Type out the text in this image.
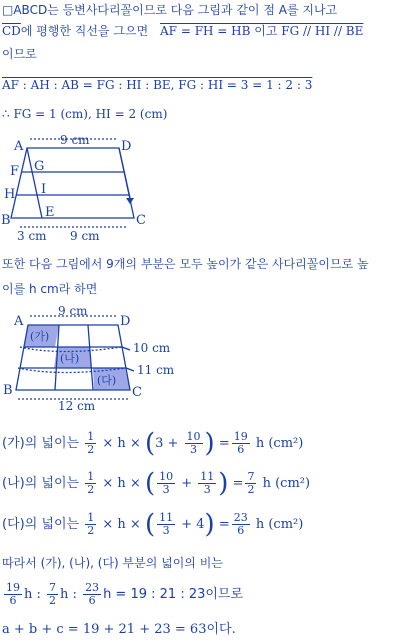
□ABCD는 등변사다리꼴이므로 다음 그림과 같이 점 A를 지나고
$\overline{CD}$에 평행한 직선을 그으면 AF = FH = HB 이고 FG // HI // BE
이므로
AF : AH : AB = FG : HI : BE, FG : HI = 3 = 1 : 2 : 3
∴ FG = 1 (cm), HI = 2 (cm)
A	D
B	C
F G
H I
E
9 cm
3 cm 9 cm
또한 다음 그림에서 9개의 부분은 모두 높이가 같은 사다리꼴이므로 높
이를 h cm라 하면
A	D
B	C
9 cm
10 cm
11 cm
12 cm
(가)
(나)
(다)
(가)의 넓이는 $\frac{1}{2} \times h \times (3 + \frac{10}{3}$ ) = $\frac{19}{6}$ h (cm²)
(나)의 넓이는 $\frac{1}{2} \times h$ × ( $\frac{10}{3} + \frac{11}{3}$ ) = $\frac{7}{2}$ h (cm²)
(다)의 넓이는 $\frac{1}{2} \times h$ × ( $\frac{11}{3} + 4) = \frac{23}{6}$ h (cm²)
따라서 (가), (나), (다) 부분의 넓이의 비는
$\frac{19}{6}$ h : $\frac{7}{2}$ h : $\frac{23}{6}$ h = 19 : 21 : 23이므로
a + b + c = 19 + 21 + 23 = 63이다.
